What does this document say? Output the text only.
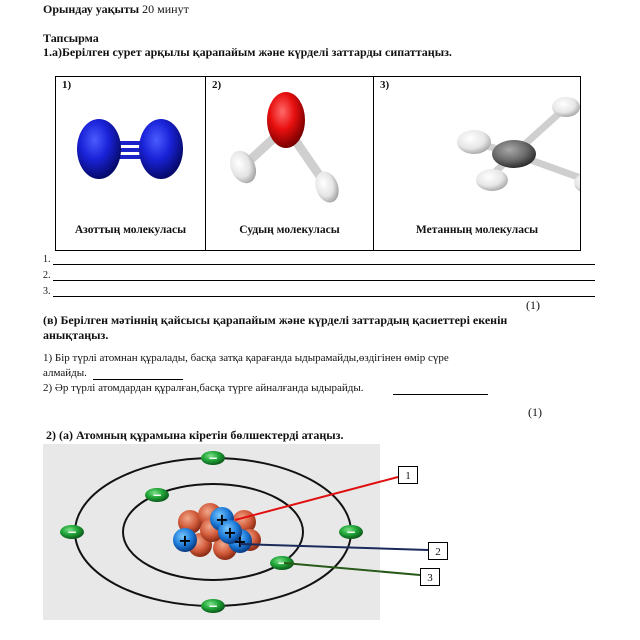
Орындау уақыты 20 минут
Тапсырма
1.а)Берілген сурет арқылы қарапайым және күрделі заттарды сипаттаңыз.
1)
Азоттың молекуласы
2)
Судың молекуласы
3)
Метанның молекуласы
1.
2.
3.
(1)
(в) Берілген мәтіннің қайсысы қарапайым және күрделі заттардың қасиеттері екенін
анықтаңыз.
1) Бір түрлі атомнан құралады, басқа затқа қарағанда ыдырамайды,өздігінен өмір сүре
алмайды.
2) Әр түрлі атомдардан құралған,басқа түрге айналғанда ыдырайды.
(1)
2) (а) Атомның құрамына кіретін бөлшектерді атаңыз.
+
+
+
+
−
−
−	−
−
−
1
2
3
